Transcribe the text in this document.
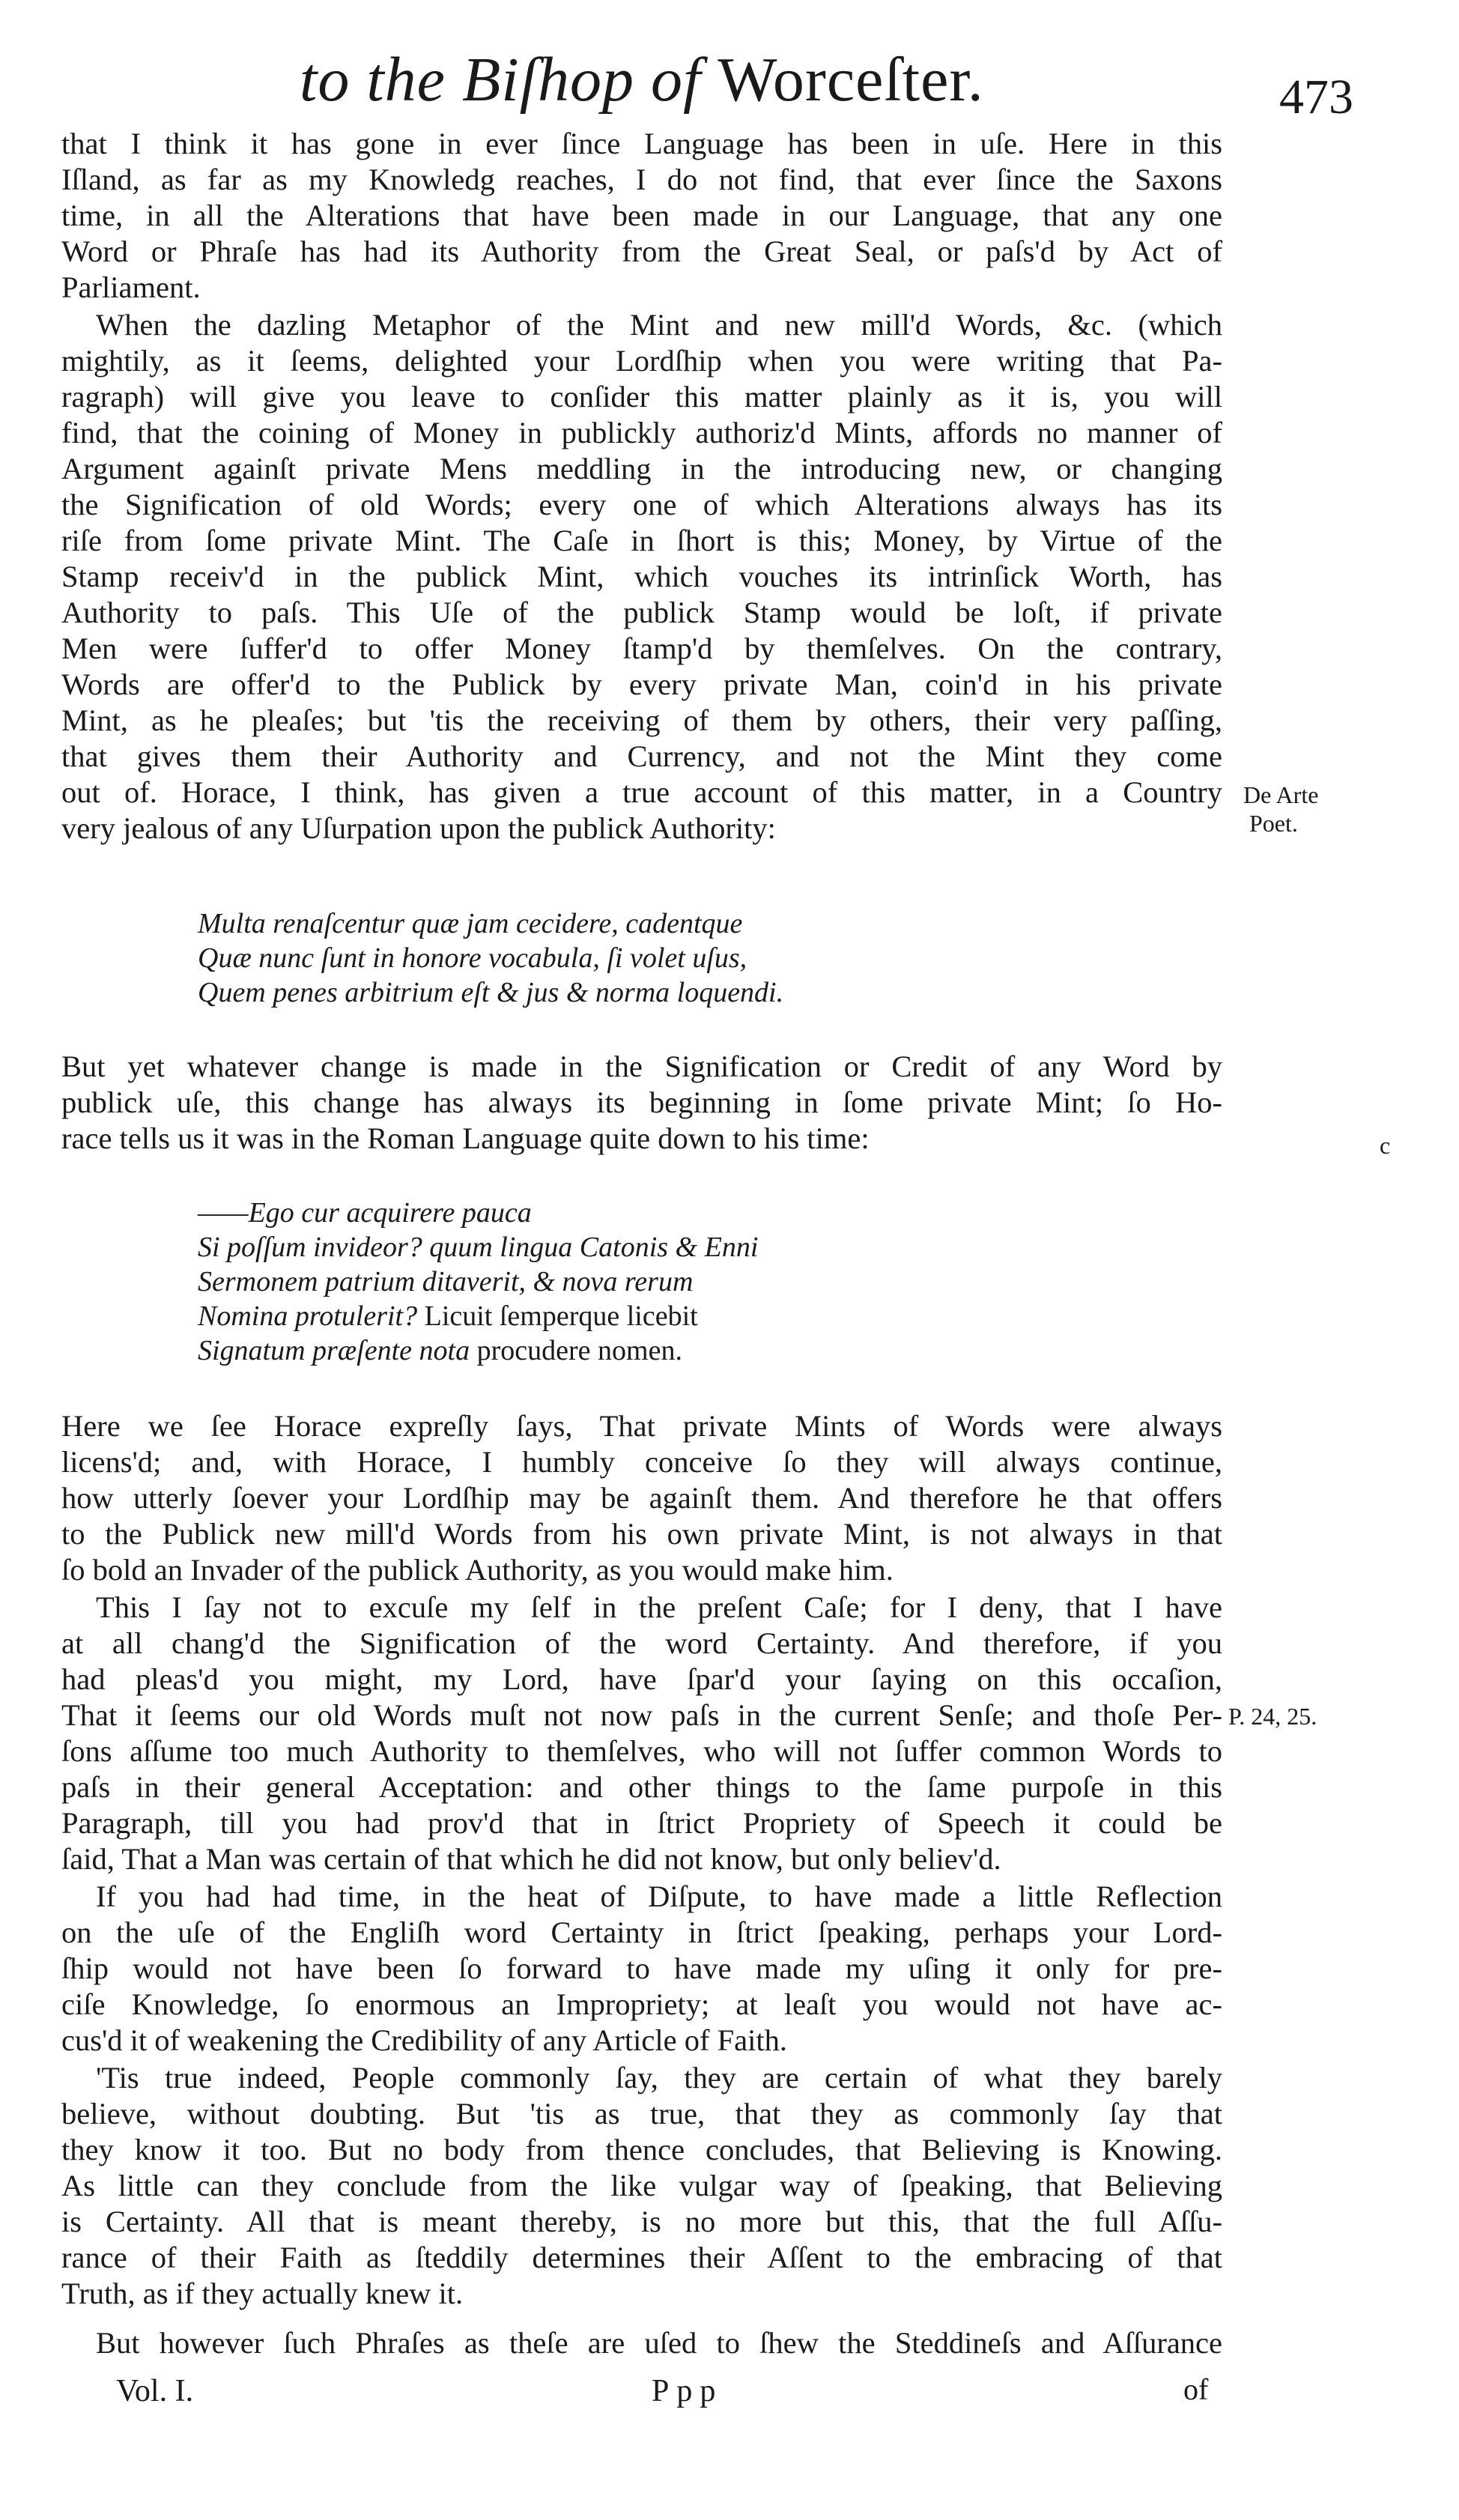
to the Biſhop of Worceſter.	473
that I think it has gone in ever ſince Language has been in uſe. Here in this
Iſland, as far as my Knowledg reaches, I do not find, that ever ſince the Saxons
time, in all the Alterations that have been made in our Language, that any one
Word or Phraſe has had its Authority from the Great Seal, or paſs'd by Act of
Parliament.
When the dazling Metaphor of the Mint and new mill'd Words, &c. (which
mightily, as it ſeems, delighted your Lordſhip when you were writing that Pa-
ragraph) will give you leave to conſider this matter plainly as it is, you will
find, that the coining of Money in publickly authoriz'd Mints, affords no manner of
Argument againſt private Mens meddling in the introducing new, or changing
the Signification of old Words; every one of which Alterations always has its
riſe from ſome private Mint. The Caſe in ſhort is this; Money, by Virtue of the
Stamp receiv'd in the publick Mint, which vouches its intrinſick Worth, has
Authority to paſs. This Uſe of the publick Stamp would be loſt, if private
Men were ſuffer'd to offer Money ſtamp'd by themſelves. On the contrary,
Words are offer'd to the Publick by every private Man, coin'd in his private
Mint, as he pleaſes; but 'tis the receiving of them by others, their very paſſing,
that gives them their Authority and Currency, and not the Mint they come
out of. Horace, I think, has given a true account of this matter, in a Country
very jealous of any Uſurpation upon the publick Authority:
De Arte
Poet.
Multa renaſcentur quæ jam cecidere, cadentque
Quæ nunc ſunt in honore vocabula, ſi volet uſus,
Quem penes arbitrium eſt & jus & norma loquendi.
But yet whatever change is made in the Signification or Credit of any Word by
publick uſe, this change has always its beginning in ſome private Mint; ſo Ho-
race tells us it was in the Roman Language quite down to his time:	c
——Ego cur acquirere pauca
Si poſſum invideor? quum lingua Catonis & Enni
Sermonem patrium ditaverit, & nova rerum
Nomina protulerit? Licuit ſemperque licebit
Signatum præſente nota procudere nomen.
Here we ſee Horace expreſly ſays, That private Mints of Words were always
licens'd; and, with Horace, I humbly conceive ſo they will always continue,
how utterly ſoever your Lordſhip may be againſt them. And therefore he that offers
to the Publick new mill'd Words from his own private Mint, is not always in that
ſo bold an Invader of the publick Authority, as you would make him.
This I ſay not to excuſe my ſelf in the preſent Caſe; for I deny, that I have
at all chang'd the Signification of the word Certainty. And therefore, if you
had pleas'd you might, my Lord, have ſpar'd your ſaying on this occaſion,
That it ſeems our old Words muſt not now paſs in the current Senſe; and thoſe Per-
ſons aſſume too much Authority to themſelves, who will not ſuffer common Words to
paſs in their general Acceptation: and other things to the ſame purpoſe in this
Paragraph, till you had prov'd that in ſtrict Propriety of Speech it could be
ſaid, That a Man was certain of that which he did not know, but only believ'd.
If you had had time, in the heat of Diſpute, to have made a little Reflection
on the uſe of the Engliſh word Certainty in ſtrict ſpeaking, perhaps your Lord-
ſhip would not have been ſo forward to have made my uſing it only for pre-
ciſe Knowledge, ſo enormous an Impropriety; at leaſt you would not have ac-
cus'd it of weakening the Credibility of any Article of Faith.
'Tis true indeed, People commonly ſay, they are certain of what they barely
believe, without doubting. But 'tis as true, that they as commonly ſay that
they know it too. But no body from thence concludes, that Believing is Knowing.
As little can they conclude from the like vulgar way of ſpeaking, that Believing
is Certainty. All that is meant thereby, is no more but this, that the full Aſſu-
rance of their Faith as ſteddily determines their Aſſent to the embracing of that
Truth, as if they actually knew it.
But however ſuch Phraſes as theſe are uſed to ſhew the Steddineſs and Aſſurance
P. 24, 25.
Vol. I.	Ppp	of
